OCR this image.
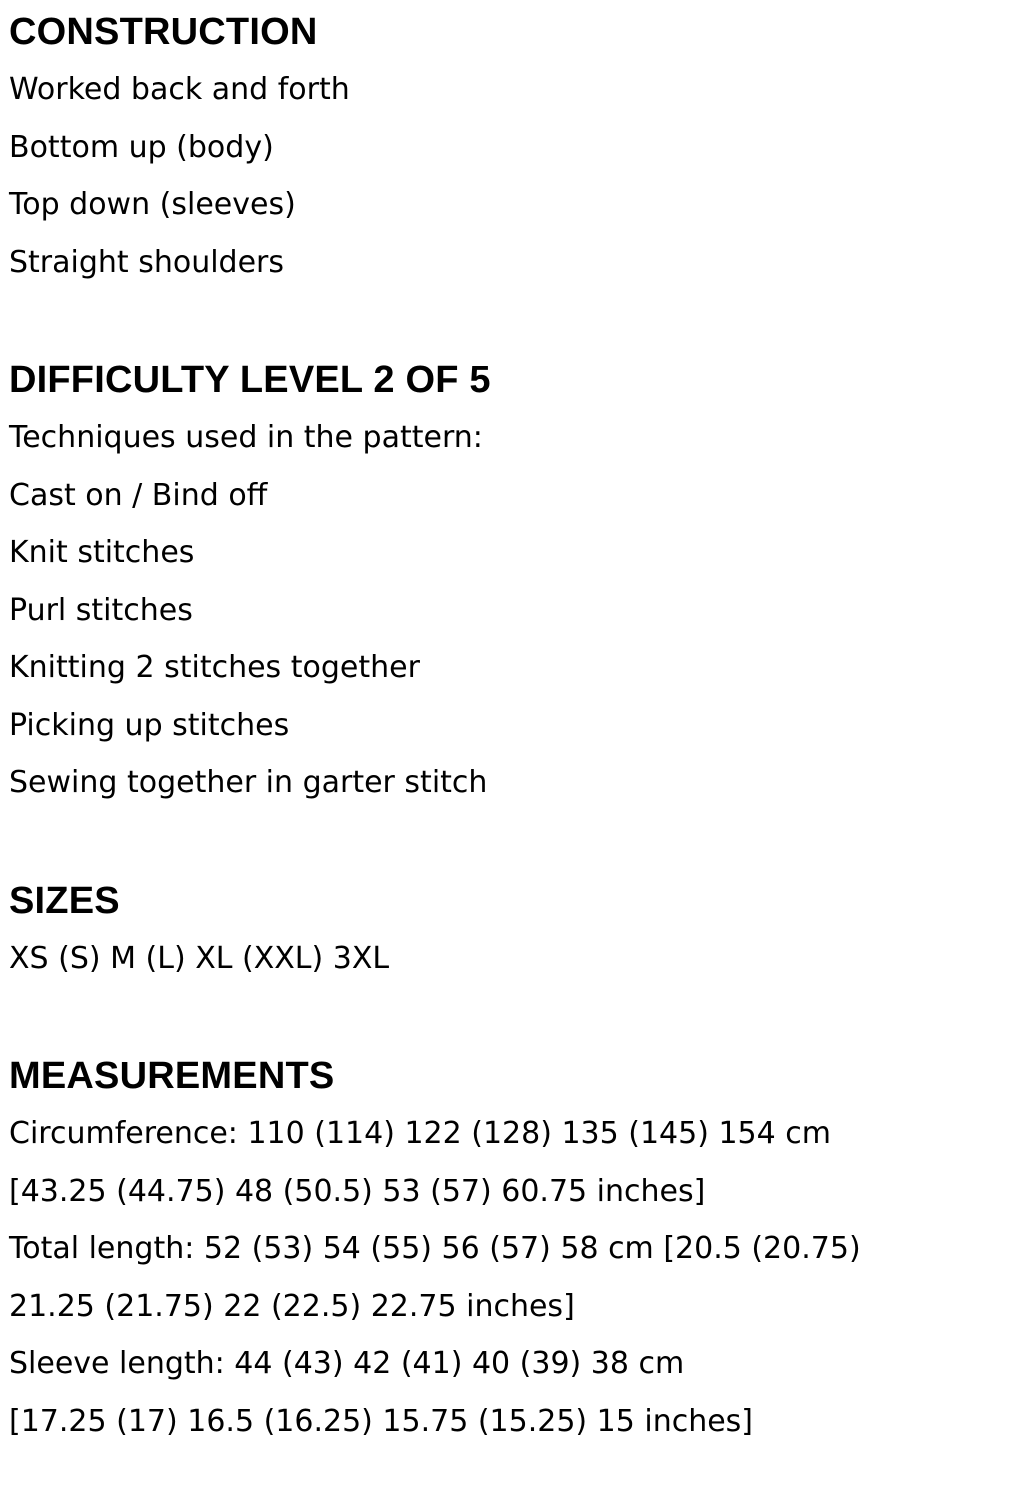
CONSTRUCTION
Worked back and forth
Bottom up (body)
Top down (sleeves)
Straight shoulders
DIFFICULTY LEVEL 2 OF 5
Techniques used in the pattern:
Cast on / Bind off
Knit stitches
Purl stitches
Knitting 2 stitches together
Picking up stitches
Sewing together in garter stitch
SIZES
XS (S) M (L) XL (XXL) 3XL
MEASUREMENTS
Circumference: 110 (114) 122 (128) 135 (145) 154 cm
[43.25 (44.75) 48 (50.5) 53 (57) 60.75 inches]
Total length: 52 (53) 54 (55) 56 (57) 58 cm [20.5 (20.75)
21.25 (21.75) 22 (22.5) 22.75 inches]
Sleeve length: 44 (43) 42 (41) 40 (39) 38 cm
[17.25 (17) 16.5 (16.25) 15.75 (15.25) 15 inches]
